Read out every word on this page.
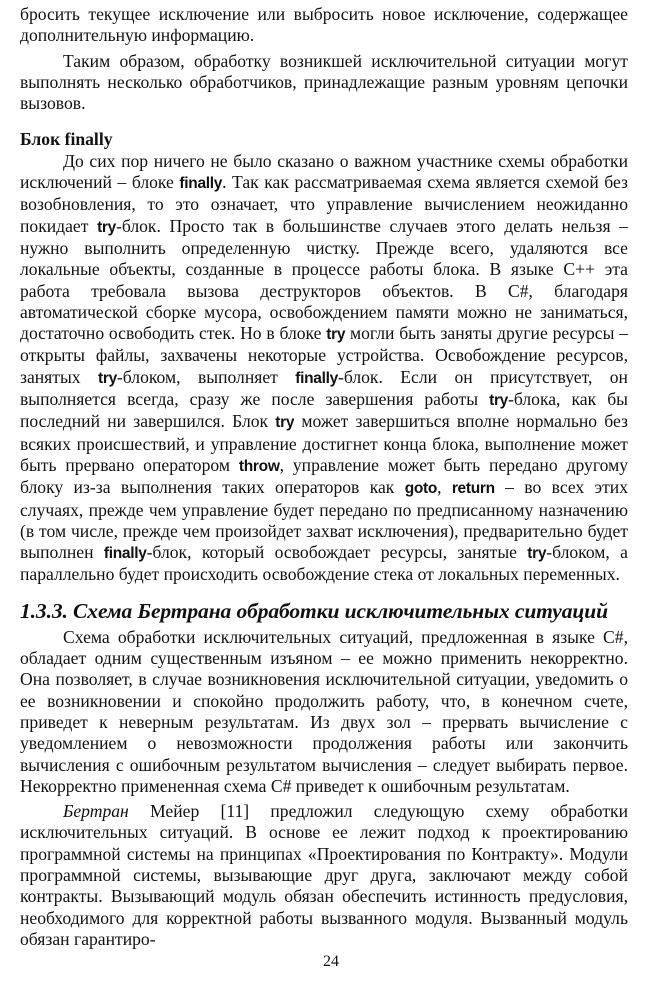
бросить текущее исключение или выбросить новое исключение, содержащее дополнительную информацию.

Таким образом, обработку возникшей исключительной ситуации могут выполнять несколько обработчиков, принадлежащие разным уровням цепочки вызовов.

Блок finally

До сих пор ничего не было сказано о важном участнике схемы обработки исключений – блоке finally. Так как рассматриваемая схема является схемой без возобновления, то это означает, что управление вычислением неожиданно покидает try-блок. Просто так в большинстве случаев этого делать нельзя – нужно выполнить определенную чистку. Прежде всего, удаляются все локальные объекты, созданные в процессе работы блока. В языке C++ эта работа требовала вызова деструкторов объектов. В C#, благодаря автоматической сборке мусора, освобождением памяти можно не заниматься, достаточно освободить стек. Но в блоке try могли быть заняты другие ресурсы – открыты файлы, захвачены некоторые устройства. Освобождение ресурсов, занятых try-блоком, выполняет finally-блок. Если он присутствует, он выполняется всегда, сразу же после завершения работы try-блока, как бы последний ни завершился. Блок try может завершиться вполне нормально без всяких происшествий, и управление достигнет конца блока, выполнение может быть прервано оператором throw, управление может быть передано другому блоку из-за выполнения таких операторов как goto, return – во всех этих случаях, прежде чем управление будет передано по предписанному назначению (в том числе, прежде чем произойдет захват исключения), предварительно будет выполнен finally-блок, который освобождает ресурсы, занятые try-блоком, а параллельно будет происходить освобождение стека от локальных переменных.

1.3.3. Схема Бертрана обработки исключительных ситуаций

Схема обработки исключительных ситуаций, предложенная в языке C#, обладает одним существенным изъяном – ее можно применить некорректно. Она позволяет, в случае возникновения исключительной ситуации, уведомить о ее возникновении и спокойно продолжить работу, что, в конечном счете, приведет к неверным результатам. Из двух зол – прервать вычисление с уведомлением о невозможности продолжения работы или закончить вычисления с ошибочным результатом вычисления – следует выбирать первое. Некорректно примененная схема C# приведет к ошибочным результатам.

Бертран Мейер [11] предложил следующую схему обработки исключительных ситуаций. В основе ее лежит подход к проектированию программной системы на принципах «Проектирования по Контракту». Модули программной системы, вызывающие друг друга, заключают между собой контракты. Вызывающий модуль обязан обеспечить истинность предусловия, необходимого для корректной работы вызванного модуля. Вызванный модуль обязан гарантиро-

24
